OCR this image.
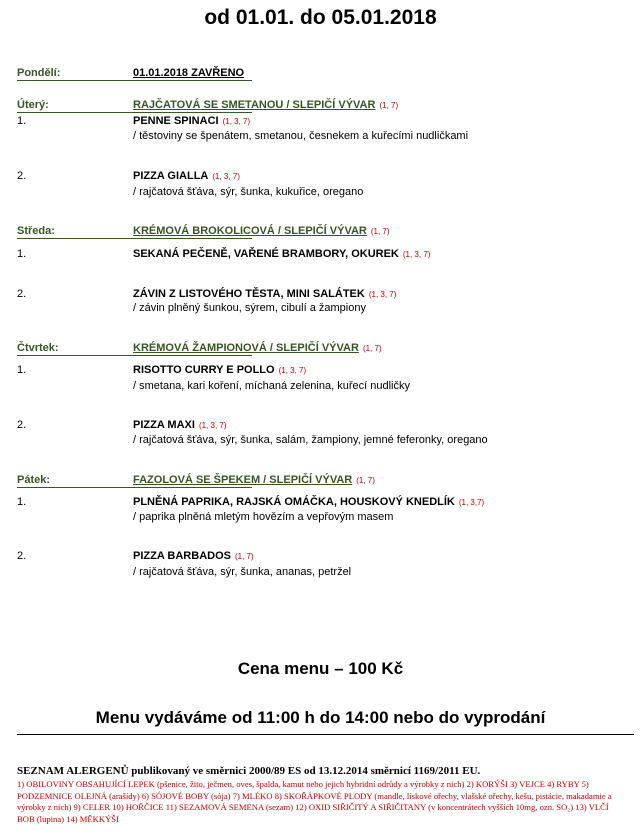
od 01.01. do 05.01.2018
Pondělí:	01.01.2018 ZAVŘENO
Úterý:	RAJČATOVÁ SE SMETANOU / SLEPIČÍ VÝVAR (1, 7)
1.	PENNE SPINACI (1, 3, 7)
/ těstoviny se špenátem, smetanou, česnekem a kuřecími nudličkami
2.	PIZZA GIALLA (1, 3, 7)
/ rajčatová šťáva, sýr, šunka, kukuřice, oregano
Středa:	KRÉMOVÁ BROKOLICOVÁ / SLEPIČÍ VÝVAR (1, 7)
1.	SEKANÁ PEČENĚ, VAŘENÉ BRAMBORY, OKUREK (1, 3, 7)
2.	ZÁVIN Z LISTOVÉHO TĚSTA, MINI SALÁTEK (1, 3, 7)
/ závin plněný šunkou, sýrem, cibulí a žampiony
Čtvrtek:	KRÉMOVÁ ŽAMPIONOVÁ / SLEPIČÍ VÝVAR (1, 7)
1.	RISOTTO CURRY E POLLO (1, 3, 7)
/ smetana, kari koření, míchaná zelenina, kuřecí nudličky
2.	PIZZA MAXI (1, 3, 7)
/ rajčatová šťáva, sýr, šunka, salám, žampiony, jemné feferonky, oregano
Pátek:	FAZOLOVÁ SE ŠPEKEM / SLEPIČÍ VÝVAR (1, 7)
1.	PLNĚNÁ PAPRIKA, RAJSKÁ OMÁČKA, HOUSKOVÝ KNEDLÍK (1, 3,7)
/ paprika plněná mletým hovězím a vepřovým masem
2.	PIZZA BARBADOS (1, 7)
/ rajčatová šťáva, sýr, šunka, ananas, petržel
Cena menu – 100 Kč
Menu vydáváme od 11:00 h do 14:00 nebo do vyprodání
SEZNAM ALERGENŮ publikovaný ve směrnici 2000/89 ES od 13.12.2014 směrnicí 1169/2011 EU.
1) OBILOVINY OBSAHUJÍCÍ LEPEK (pšenice, žito, ječmen, oves, špalda, kamut nebo jejich hybridní odrůdy a výrobky z nich) 2) KORÝŠI 3) VEJCE 4) RYBY 5) PODZEMNICE OLEJNÁ (arašídy) 6) SÓJOVÉ BOBY (sója) 7) MLÉKO 8) SKOŘÁPKOVÉ PLODY (mandle, lískové ořechy, vlašské ořechy, kešu, pistácie, makadamie a výrobky z nich) 9) CELER 10) HOŘČICE 11) SEZAMOVÁ SEMENA (sezam) 12) OXID SIŘIČITÝ A SIŘIČITANY (v koncentrátech vyšších 10mg, ozn. SO₂) 13) VLČÍ BOB (lupina) 14) MĚKKÝŠI
